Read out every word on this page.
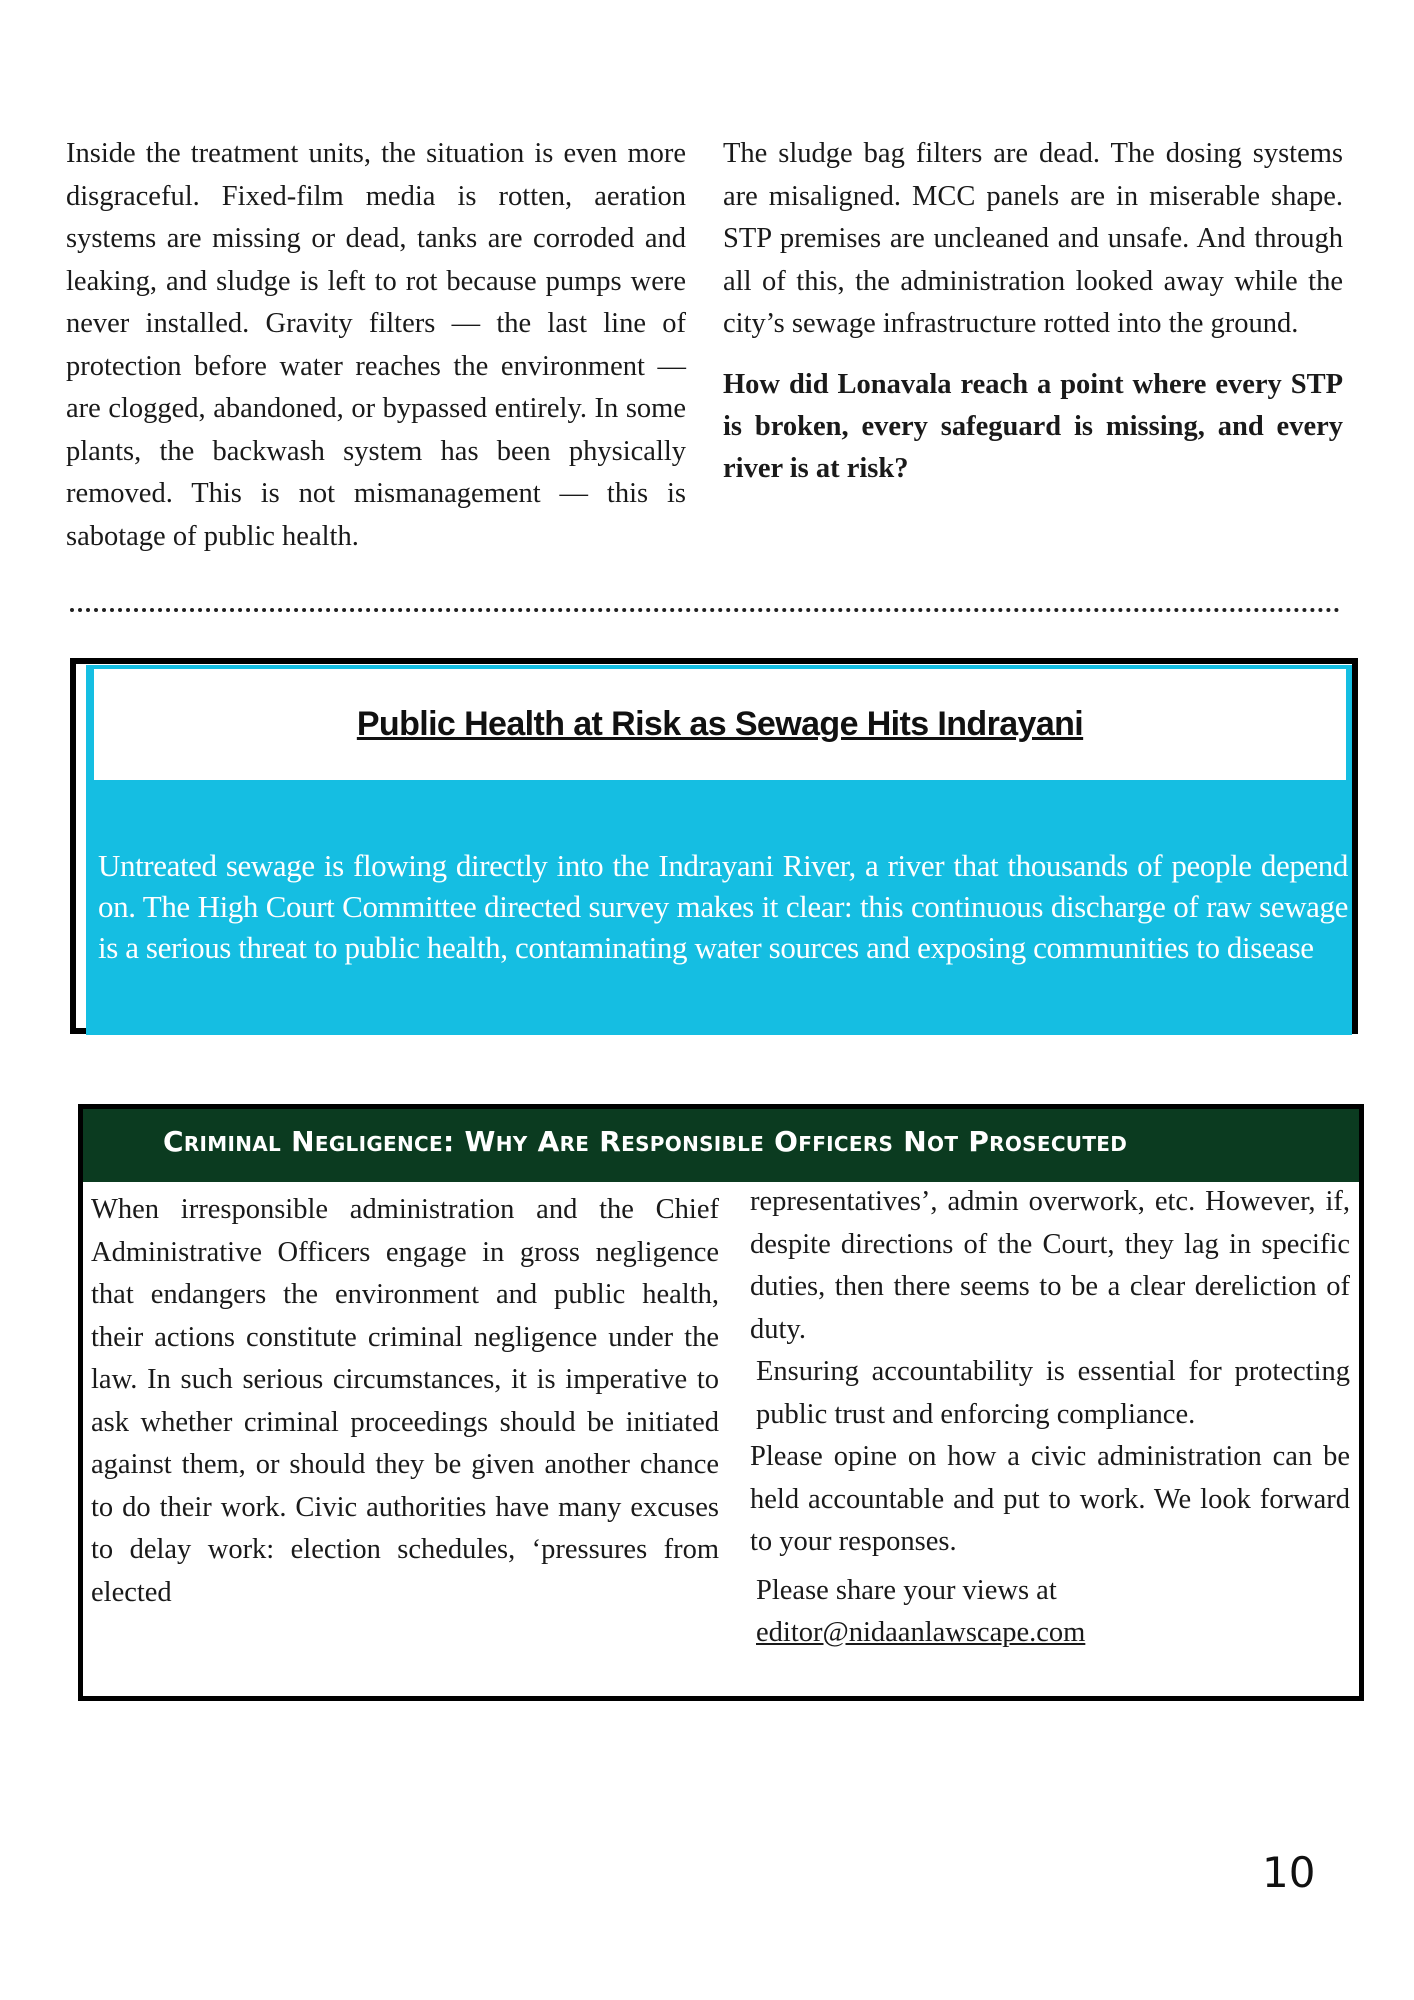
Inside the treatment units, the situation is even more disgraceful. Fixed-film media is rotten, aeration systems are missing or dead, tanks are corroded and leaking, and sludge is left to rot because pumps were never installed. Gravity filters — the last line of protection before water reaches the environment — are clogged, abandoned, or bypassed entirely. In some plants, the backwash system has been physically removed. This is not mismanagement — this is sabotage of public health.

The sludge bag filters are dead. The dosing systems are misaligned. MCC panels are in miserable shape. STP premises are uncleaned and unsafe. And through all of this, the administration looked away while the city’s sewage infrastructure rotted into the ground.

How did Lonavala reach a point where every STP is broken, every safeguard is missing, and every river is at risk?

Public Health at Risk as Sewage Hits Indrayani
Untreated sewage is flowing directly into the Indrayani River, a river that thousands of people depend on. The High Court Committee directed survey makes it clear: this continuous discharge of raw sewage is a serious threat to public health, contaminating water sources and exposing communities to disease
Criminal Negligence: Why Are Responsible Officers Not Prosecuted

When irresponsible administration and the Chief Administrative Officers engage in gross negligence that endangers the environment and public health, their actions constitute criminal negligence under the law. In such serious circumstances, it is imperative to ask whether criminal proceedings should be initiated against them, or should they be given another chance to do their work. Civic authorities have many excuses to delay work: election schedules, ‘pressures from elected

representatives’, admin overwork, etc. However, if, despite directions of the Court, they lag in specific duties, then there seems to be a clear dereliction of duty.

Ensuring accountability is essential for protecting public trust and enforcing compliance.

Please opine on how a civic administration can be held accountable and put to work. We look forward to your responses.

Please share your views at

editor@nidaanlawscape.com

10
